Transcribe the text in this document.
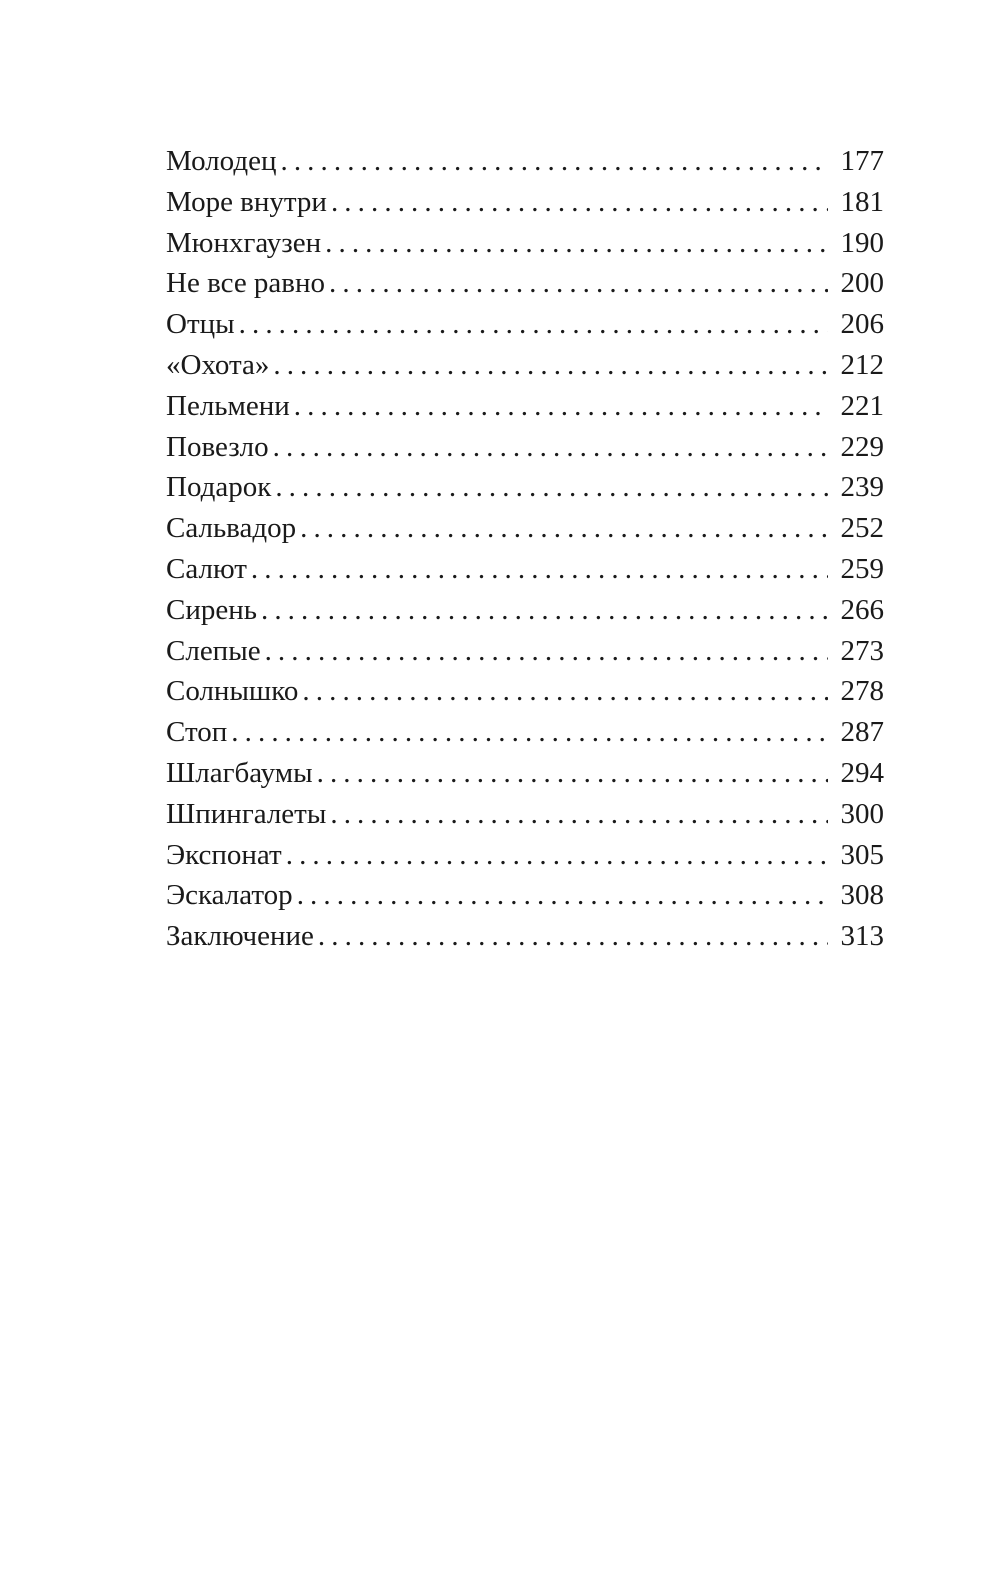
Молодец .....	177
Море внутри .....	181
Мюнхгаузен .....	190
Не все равно .....	200
Отцы .....	206
«Охота» .....	212
Пельмени .....	221
Повезло .....	229
Подарок .....	239
Сальвадор .....	252
Салют .....	259
Сирень .....	266
Слепые .....	273
Солнышко .....	278
Стоп .....	287
Шлагбаумы .....	294
Шпингалеты .....	300
Экспонат .....	305
Эскалатор .....	308
Заключение .....	313
